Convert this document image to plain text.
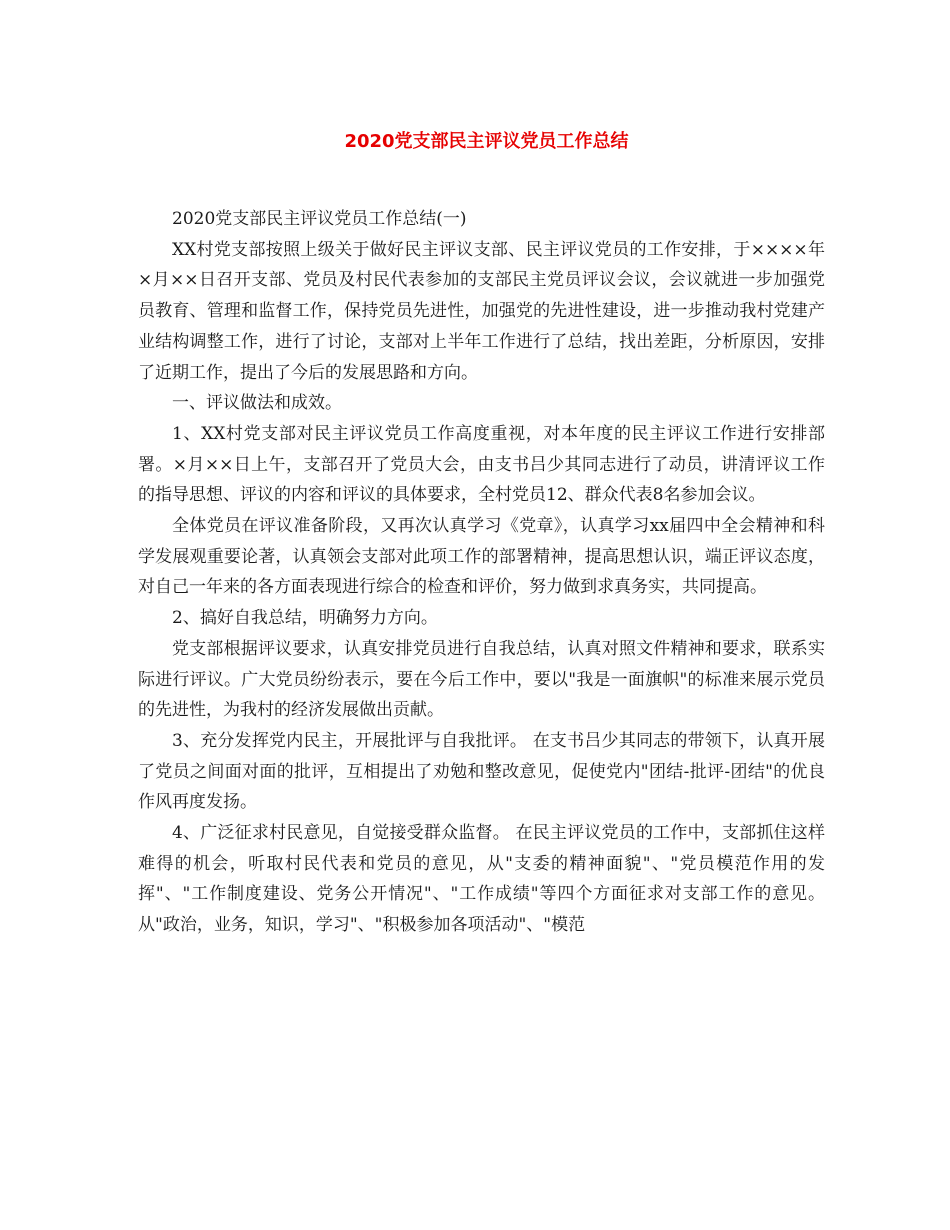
2020党支部民主评议党员工作总结

2020党支部民主评议党员工作总结(一)

XX村党支部按照上级关于做好民主评议支部、民主评议党员的工作安排，于××××年×月××日召开支部、党员及村民代表参加的支部民主党员评议会议，会议就进一步加强党员教育、管理和监督工作，保持党员先进性，加强党的先进性建设，进一步推动我村党建产业结构调整工作，进行了讨论，支部对上半年工作进行了总结，找出差距，分析原因，安排了近期工作，提出了今后的发展思路和方向。

一、评议做法和成效。

1、XX村党支部对民主评议党员工作高度重视，对本年度的民主评议工作进行安排部署。×月××日上午，支部召开了党员大会，由支书吕少其同志进行了动员，讲清评议工作的指导思想、评议的内容和评议的具体要求，全村党员12、群众代表8名参加会议。

全体党员在评议准备阶段，又再次认真学习《党章》，认真学习xx届四中全会精神和科学发展观重要论著，认真领会支部对此项工作的部署精神，提高思想认识，端正评议态度，对自己一年来的各方面表现进行综合的检查和评价，努力做到求真务实，共同提高。

2、搞好自我总结，明确努力方向。

党支部根据评议要求，认真安排党员进行自我总结，认真对照文件精神和要求，联系实际进行评议。广大党员纷纷表示，要在今后工作中，要以"我是一面旗帜"的标准来展示党员的先进性，为我村的经济发展做出贡献。

3、充分发挥党内民主，开展批评与自我批评。 在支书吕少其同志的带领下，认真开展了党员之间面对面的批评，互相提出了劝勉和整改意见，促使党内"团结-批评-团结"的优良作风再度发扬。

4、广泛征求村民意见，自觉接受群众监督。 在民主评议党员的工作中，支部抓住这样难得的机会，听取村民代表和党员的意见，从"支委的精神面貌"、"党员模范作用的发挥"、"工作制度建设、党务公开情况"、"工作成绩"等四个方面征求对支部工作的意见。从"政治，业务，知识，学习"、"积极参加各项活动"、"模范
